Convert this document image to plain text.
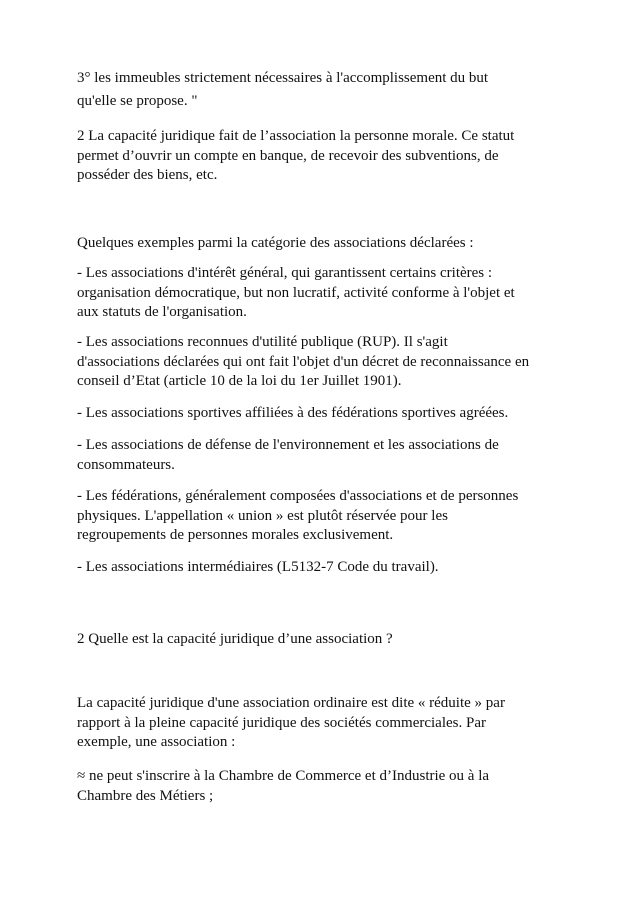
3° les immeubles strictement nécessaires à l'accomplissement du but
qu'elle se propose. "
2 La capacité juridique fait de l’association la personne morale. Ce statut
permet d’ouvrir un compte en banque, de recevoir des subventions, de
posséder des biens, etc.
Quelques exemples parmi la catégorie des associations déclarées :
- Les associations d'intérêt général, qui garantissent certains critères :
organisation démocratique, but non lucratif, activité conforme à l'objet et
aux statuts de l'organisation.
- Les associations reconnues d'utilité publique (RUP). Il s'agit
d'associations déclarées qui ont fait l'objet d'un décret de reconnaissance en
conseil d’Etat (article 10 de la loi du 1er Juillet 1901).
- Les associations sportives affiliées à des fédérations sportives agréées.
- Les associations de défense de l'environnement et les associations de
consommateurs.
- Les fédérations, généralement composées d'associations et de personnes
physiques. L'appellation « union » est plutôt réservée pour les
regroupements de personnes morales exclusivement.
- Les associations intermédiaires (L5132-7 Code du travail).
2 Quelle est la capacité juridique d’une association ?
La capacité juridique d'une association ordinaire est dite « réduite » par
rapport à la pleine capacité juridique des sociétés commerciales. Par
exemple, une association :
≈ ne peut s'inscrire à la Chambre de Commerce et d’Industrie ou à la
Chambre des Métiers ;
